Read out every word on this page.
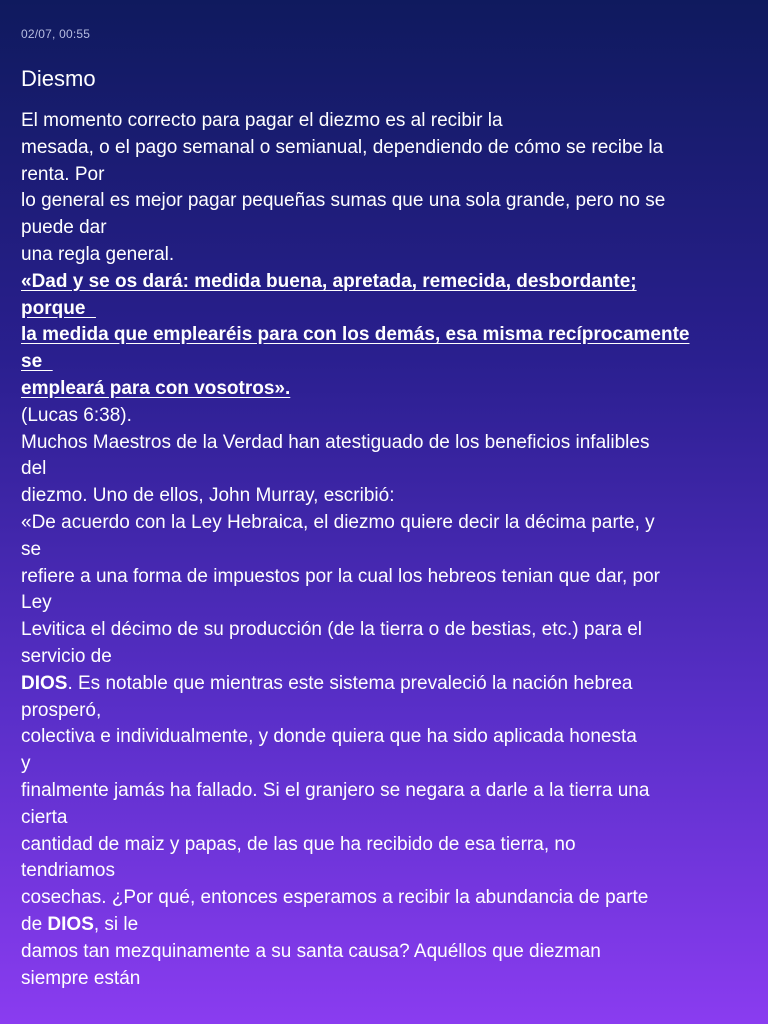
02/07, 00:55
Diesmo
El momento correcto para pagar el diezmo es al recibir la
mesada, o el pago semanal o semianual, dependiendo de cómo se recibe la
renta. Por
lo general es mejor pagar pequeñas sumas que una sola grande, pero no se
puede dar
una regla general.
«Dad y se os dará: medida buena, apretada, remecida, desbordante;
porque
la medida que emplearéis para con los demás, esa misma recíprocamente
se
empleará para con vosotros».
(Lucas 6:38).
Muchos Maestros de la Verdad han atestiguado de los beneficios infalibles
del
diezmo. Uno de ellos, John Murray, escribió:
«De acuerdo con la Ley Hebraica, el diezmo quiere decir la décima parte, y
se
refiere a una forma de impuestos por la cual los hebreos tenian que dar, por
Ley
Levitica el décimo de su producción (de la tierra o de bestias, etc.) para el
servicio de
DIOS. Es notable que mientras este sistema prevaleció la nación hebrea
prosperó,
colectiva e individualmente, y donde quiera que ha sido aplicada honesta
y
finalmente jamás ha fallado. Si el granjero se negara a darle a la tierra una
cierta
cantidad de maiz y papas, de las que ha recibido de esa tierra, no
tendriamos
cosechas. ¿Por qué, entonces esperamos a recibir la abundancia de parte
de DIOS, si le
damos tan mezquinamente a su santa causa? Aquéllos que diezman
siempre están
